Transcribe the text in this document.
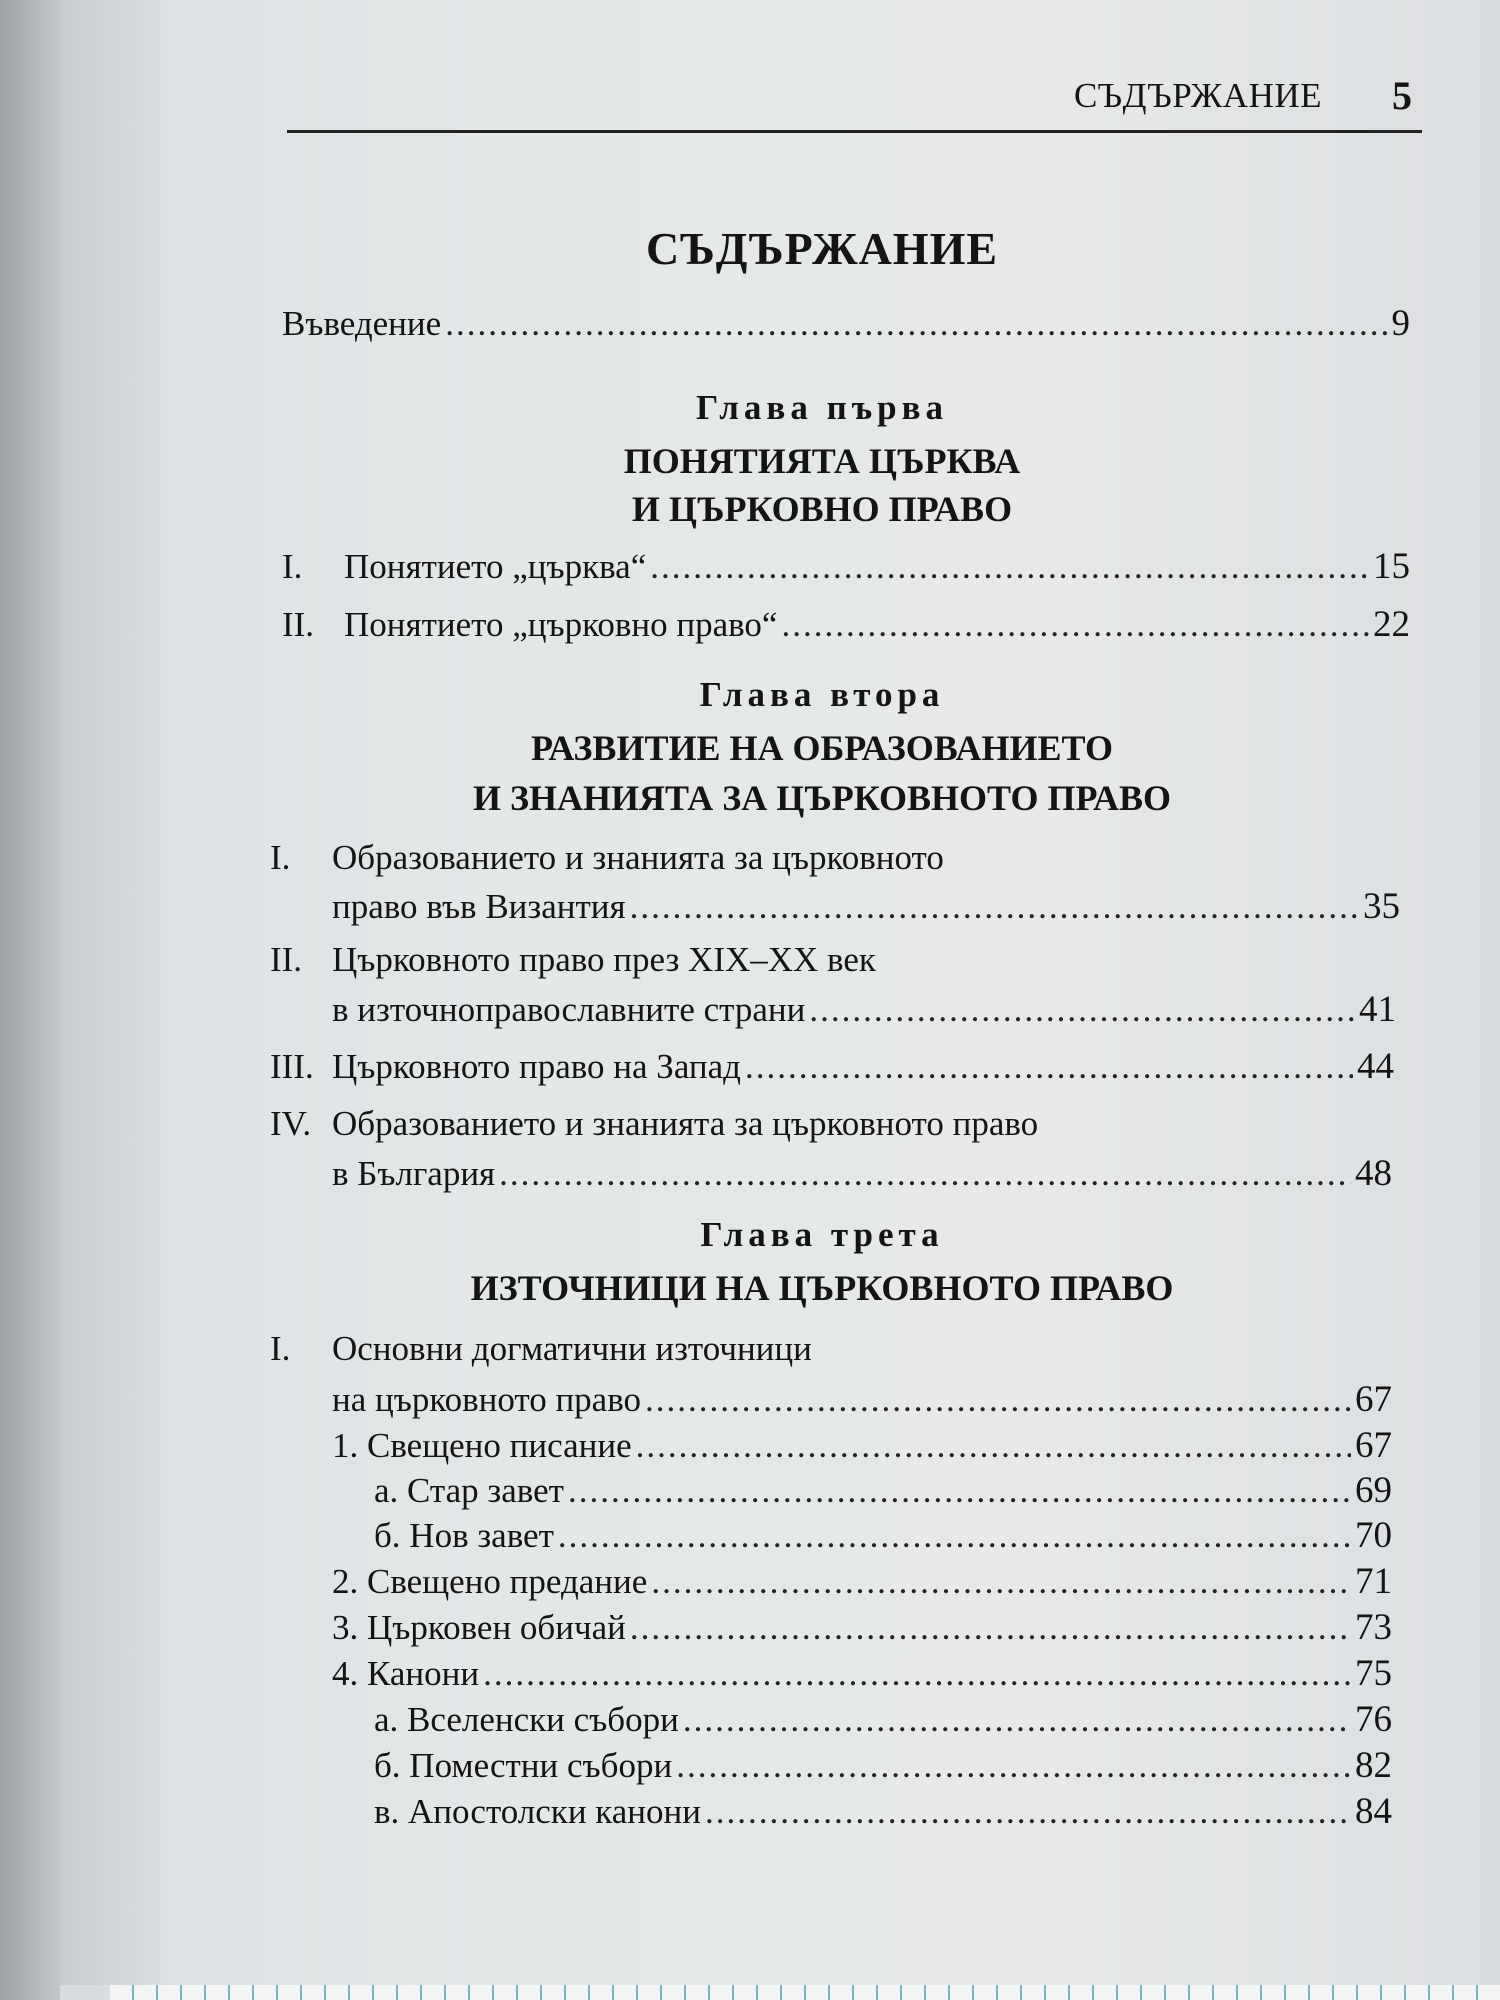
СЪДЪРЖАНИЕ 5
СЪДЪРЖАНИЕ
Въведение .....	9
Глава първа
ПОНЯТИЯТА ЦЪРКВА
И ЦЪРКОВНО ПРАВО
I.	Понятието „църква“ .....	15
II. Понятието „църковно право“ .....	22
Глава втора
РАЗВИТИЕ НА ОБРАЗОВАНИЕТО
И ЗНАНИЯТА ЗА ЦЪРКОВНОТО ПРАВО
I. Образованието и знанията за църковното
право във Византия .....	35
II. Църковното право през XIX–XX век
в източноправославните страни .....	41
III. Църковното право на Запад .....	44
IV. Образованието и знанията за църковното право
в България .....	48
Глава трета
ИЗТОЧНИЦИ НА ЦЪРКОВНОТО ПРАВО
I. Основни догматични източници
на църковното право .....	67
1. Свещено писание .....	67
а. Стар завет .....	69
б. Нов завет .....	70
2. Свещено предание .....	71
3. Църковен обичай .....	73
4. Канони .....	75
а. Вселенски събори .....	76
б. Поместни събори .....	82
в. Апостолски канони .....	84
